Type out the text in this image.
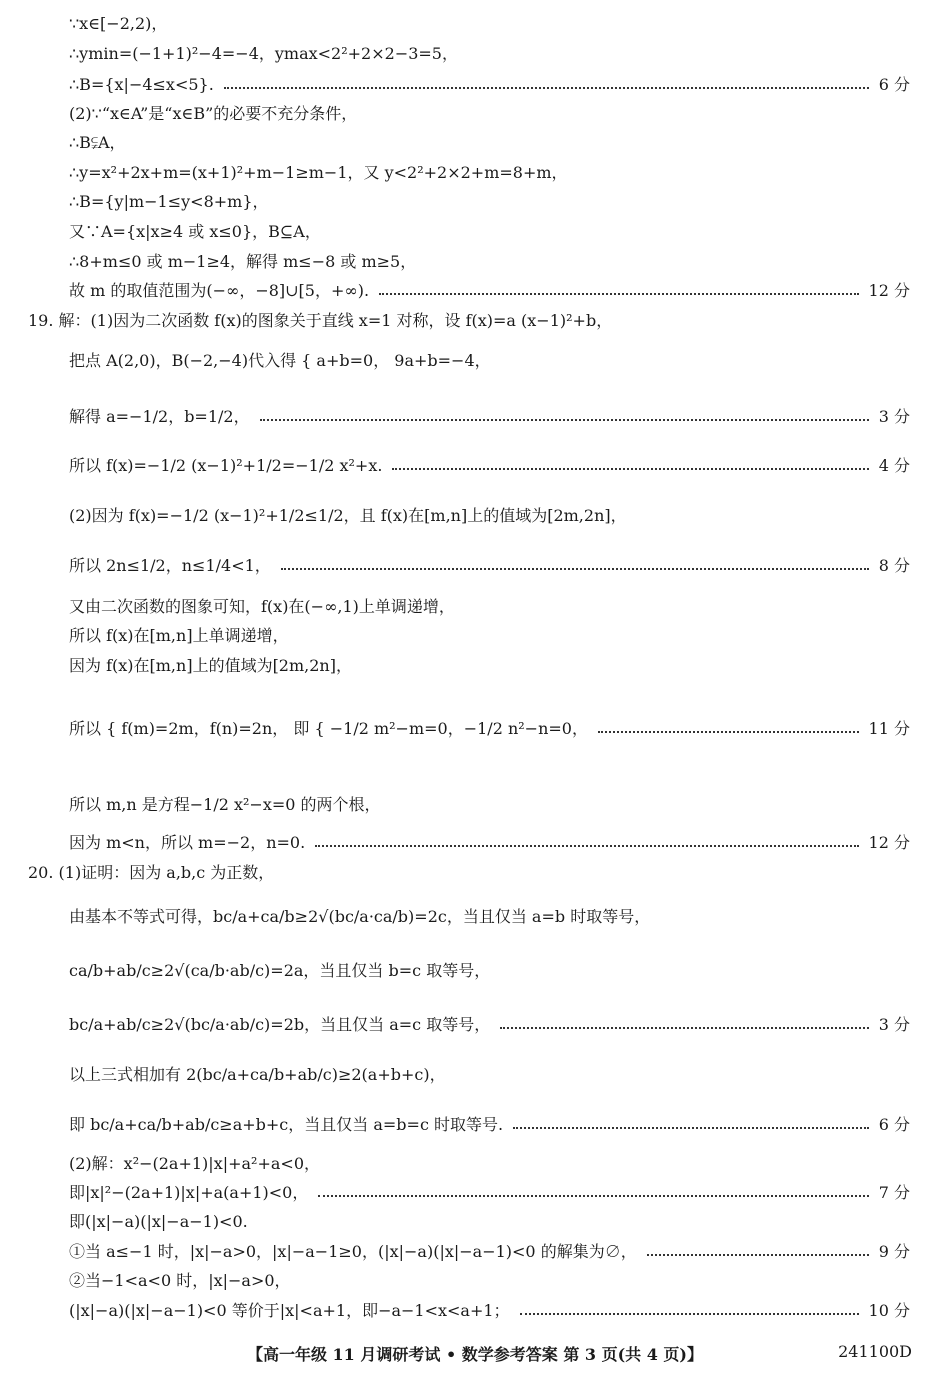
∵x∈[−2,2)，
∴ymin=(−1+1)²−4=−4，ymax<2²+2×2−3=5，
∴B={x|−4≤x<5}.	6 分
(2)∵“x∈A”是“x∈B”的必要不充分条件，
∴B⫋A，
∴y=x²+2x+m=(x+1)²+m−1≥m−1，又 y<2²+2×2+m=8+m，
∴B={y|m−1≤y<8+m}，
又∵A={x|x≥4 或 x≤0}，B⊆A，
∴8+m≤0 或 m−1≥4，解得 m≤−8 或 m≥5，
故 m 的取值范围为(−∞，−8]∪[5，+∞).	12 分
19. 解：(1)因为二次函数 f(x)的图象关于直线 x=1 对称，设 f(x)=a (x−1)²+b，
把点 A(2,0)，B(−2,−4)代入得 { a+b=0， 9a+b=−4，
解得 a=−1/2，b=1/2，	3 分
所以 f(x)=−1/2 (x−1)²+1/2=−1/2 x²+x.	4 分
(2)因为 f(x)=−1/2 (x−1)²+1/2≤1/2，且 f(x)在[m,n]上的值域为[2m,2n]，
所以 2n≤1/2，n≤1/4<1，	8 分
又由二次函数的图象可知，f(x)在(−∞,1)上单调递增，
所以 f(x)在[m,n]上单调递增，
因为 f(x)在[m,n]上的值域为[2m,2n]，
所以 { f(m)=2m，f(n)=2n， 即 { −1/2 m²−m=0，−1/2 n²−n=0，	11 分
所以 m,n 是方程−1/2 x²−x=0 的两个根，
因为 m<n，所以 m=−2，n=0.	12 分
20. (1)证明：因为 a,b,c 为正数，
由基本不等式可得，bc/a+ca/b≥2√(bc/a·ca/b)=2c，当且仅当 a=b 时取等号，
ca/b+ab/c≥2√(ca/b·ab/c)=2a，当且仅当 b=c 取等号，
bc/a+ab/c≥2√(bc/a·ab/c)=2b，当且仅当 a=c 取等号，	3 分
以上三式相加有 2(bc/a+ca/b+ab/c)≥2(a+b+c)，
即 bc/a+ca/b+ab/c≥a+b+c，当且仅当 a=b=c 时取等号.	6 分
(2)解：x²−(2a+1)|x|+a²+a<0，
即|x|²−(2a+1)|x|+a(a+1)<0，	7 分
即(|x|−a)(|x|−a−1)<0.
①当 a≤−1 时，|x|−a>0，|x|−a−1≥0，(|x|−a)(|x|−a−1)<0 的解集为∅，	9 分
②当−1<a<0 时，|x|−a>0，
(|x|−a)(|x|−a−1)<0 等价于|x|<a+1，即−a−1<x<a+1；	10 分
【高一年级 11 月调研考试 • 数学参考答案 第 3 页(共 4 页)】	241100D
